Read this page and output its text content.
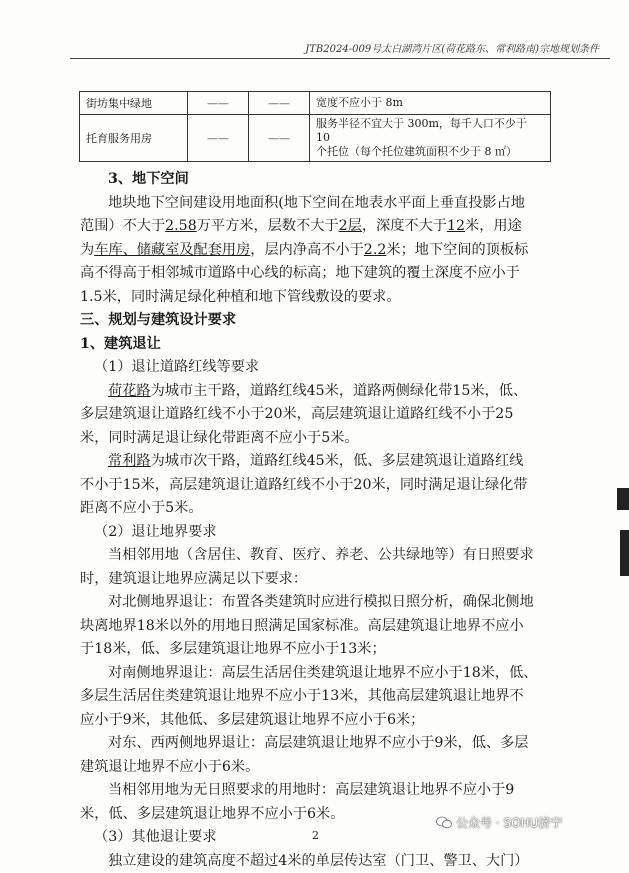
JTB2024-009号太白湖湾片区(荷花路东、常利路南)宗地规划条件
街坊集中绿地	——	——	宽度不应小于 8m
托育服务用房	——	——	服务半径不宜大于 300m，每千人口不少于 10
个托位（每个托位建筑面积不少于 8 ㎡）

3、地下空间

地块地下空间建设用地面积(地下空间在地表水平面上垂直投影占地

范围）不大于2.58万平方米，层数不大于2层，深度不大于12米，用途

为车库、储藏室及配套用房，层内净高不小于2.2米；地下空间的顶板标

高不得高于相邻城市道路中心线的标高；地下建筑的覆土深度不应小于

1.5米，同时满足绿化种植和地下管线敷设的要求。

三、规划与建筑设计要求

1、建筑退让

（1）退让道路红线等要求

荷花路为城市主干路，道路红线45米，道路两侧绿化带15米，低、

多层建筑退让道路红线不小于20米，高层建筑退让道路红线不小于25

米，同时满足退让绿化带距离不应小于5米。

常利路为城市次干路，道路红线45米，低、多层建筑退让道路红线

不小于15米，高层建筑退让道路红线不小于20米，同时满足退让绿化带

距离不应小于5米。

（2）退让地界要求

当相邻用地（含居住、教育、医疗、养老、公共绿地等）有日照要求

时，建筑退让地界应满足以下要求：

对北侧地界退让：布置各类建筑时应进行模拟日照分析，确保北侧地

块离地界18米以外的用地日照满足国家标准。高层建筑退让地界不应小

于18米，低、多层建筑退让地界不应小于13米；

对南侧地界退让：高层生活居住类建筑退让地界不应小于18米，低、

多层生活居住类建筑退让地界不应小于13米，其他高层建筑退让地界不

应小于9米，其他低、多层建筑退让地界不应小于6米；

对东、西两侧地界退让：高层建筑退让地界不应小于9米，低、多层

建筑退让地界不应小于6米。

当相邻用地为无日照要求的用地时：高层建筑退让地界不应小于9

米，低、多层建筑退让地界不应小于6米。

（3）其他退让要求

独立建设的建筑高度不超过4米的单层传达室（门卫、警卫、大门）

2
公众号 · SOHU济宁
